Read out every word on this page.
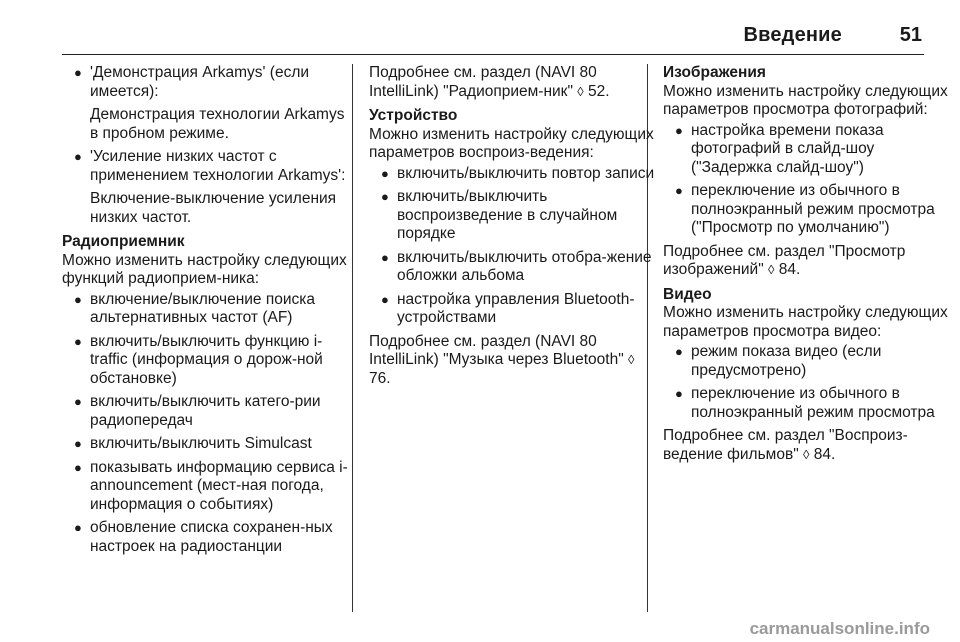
Введение	51
● 'Демонстрация Arkamys' (если имеется):

Демонстрация технологии Arkamys в пробном режиме.

● 'Усиление низких частот с применением технологии Arkamys':

Включение-выключение усиления низких частот.

Радиоприемник

Можно изменить настройку следующих функций радиоприем-ника:

● включение/выключение поиска альтернативных частот (AF)
● включить/выключить функцию i-traffic (информация о дорож-ной обстановке)
● включить/выключить катего-рии радиопередач
● включить/выключить Simulcast
● показывать информацию сервиса i-announcement (мест-ная погода, информация о событиях)
● обновление списка сохранен-ных настроек на радиостанции

Подробнее см. раздел (NAVI 80 IntelliLink) "Радиоприем-ник" ◊ 52.

Устройство

Можно изменить настройку следующих параметров воспроиз-ведения:

● включить/выключить повтор записи
● включить/выключить воспроизведение в случайном порядке
● включить/выключить отобра-жение обложки альбома
● настройка управления Bluetooth-устройствами

Подробнее см. раздел (NAVI 80 IntelliLink) "Музыка через Bluetooth" ◊ 76.

Изображения

Можно изменить настройку следующих параметров просмотра фотографий:

● настройка времени показа фотографий в слайд-шоу ("Задержка слайд-шоу")
● переключение из обычного в полноэкранный режим просмотра ("Просмотр по умолчанию")

Подробнее см. раздел "Просмотр изображений" ◊ 84.

Видео

Можно изменить настройку следующих параметров просмотра видео:

● режим показа видео (если предусмотрено)
● переключение из обычного в полноэкранный режим просмотра

Подробнее см. раздел "Воспроиз-ведение фильмов" ◊ 84.

carmanualsonline.info
